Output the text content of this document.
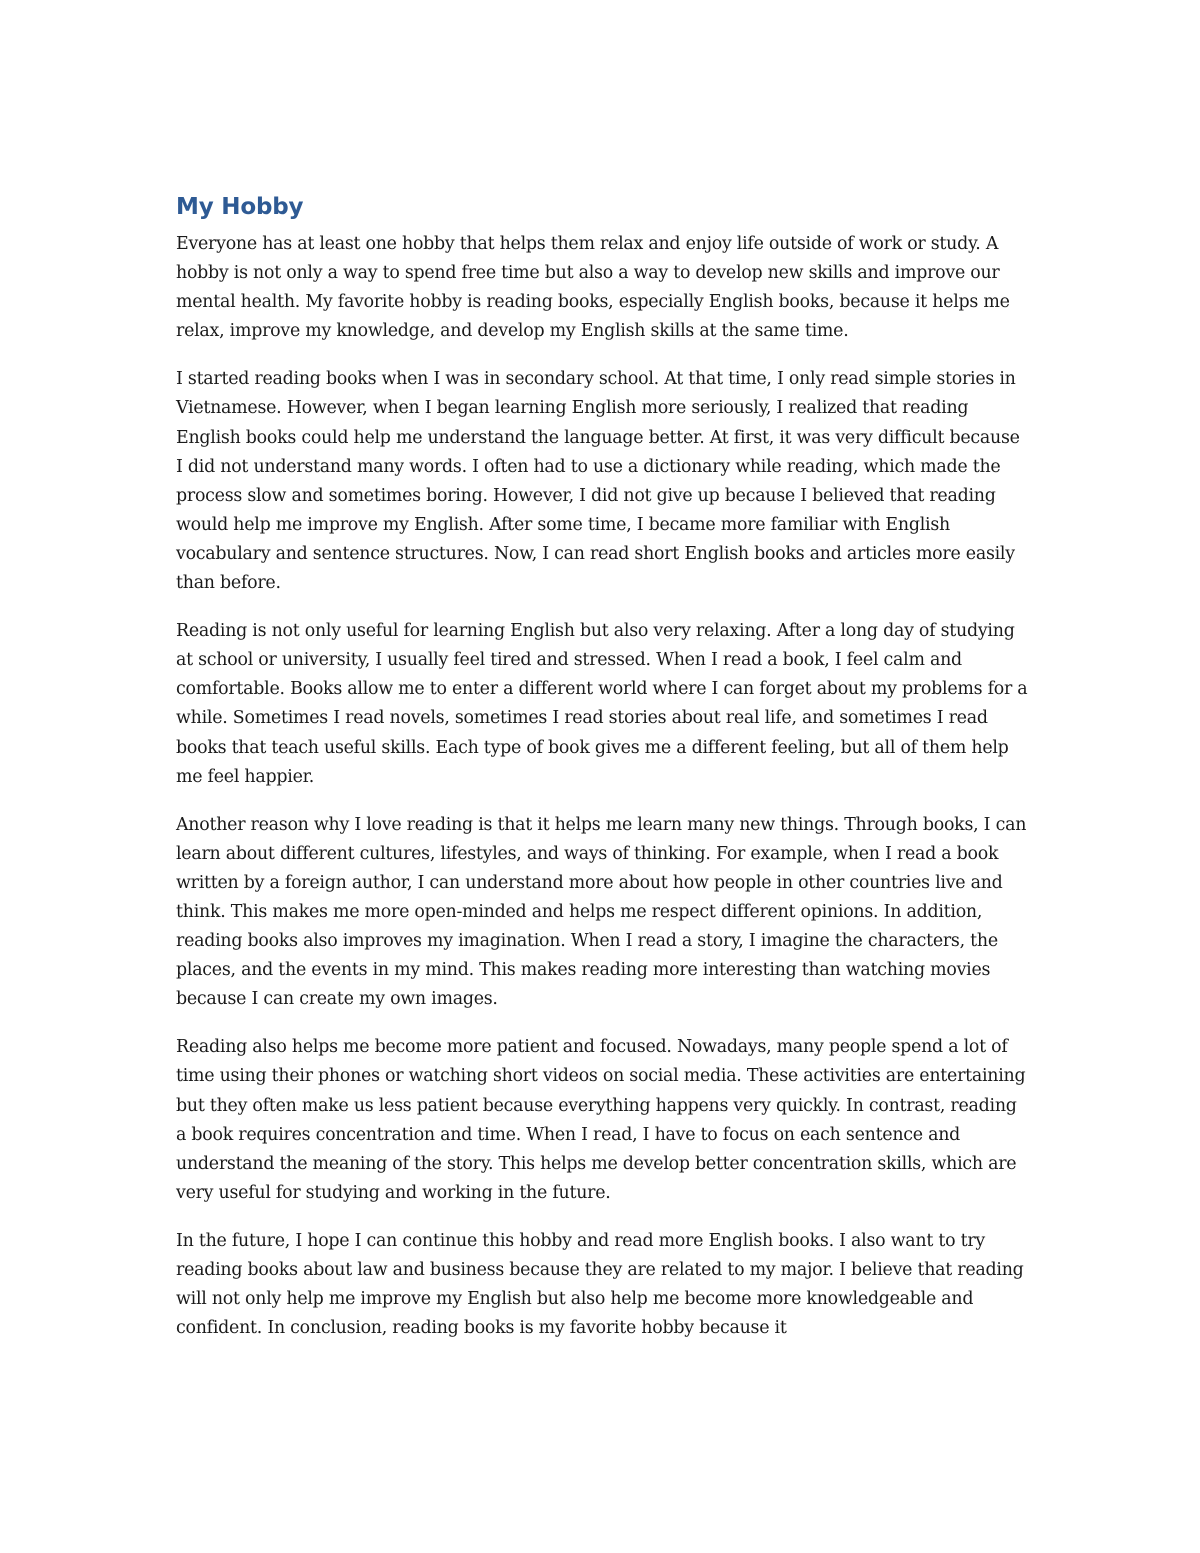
My Hobby

Everyone has at least one hobby that helps them relax and enjoy life outside of work or study. A hobby is not only a way to spend free time but also a way to develop new skills and improve our mental health. My favorite hobby is reading books, especially English books, because it helps me relax, improve my knowledge, and develop my English skills at the same time.

I started reading books when I was in secondary school. At that time, I only read simple stories in Vietnamese. However, when I began learning English more seriously, I realized that reading English books could help me understand the language better. At first, it was very difficult because I did not understand many words. I often had to use a dictionary while reading, which made the process slow and sometimes boring. However, I did not give up because I believed that reading would help me improve my English. After some time, I became more familiar with English vocabulary and sentence structures. Now, I can read short English books and articles more easily than before.

Reading is not only useful for learning English but also very relaxing. After a long day of studying at school or university, I usually feel tired and stressed. When I read a book, I feel calm and comfortable. Books allow me to enter a different world where I can forget about my problems for a while. Sometimes I read novels, sometimes I read stories about real life, and sometimes I read books that teach useful skills. Each type of book gives me a different feeling, but all of them help me feel happier.

Another reason why I love reading is that it helps me learn many new things. Through books, I can learn about different cultures, lifestyles, and ways of thinking. For example, when I read a book written by a foreign author, I can understand more about how people in other countries live and think. This makes me more open-minded and helps me respect different opinions. In addition, reading books also improves my imagination. When I read a story, I imagine the characters, the places, and the events in my mind. This makes reading more interesting than watching movies because I can create my own images.

Reading also helps me become more patient and focused. Nowadays, many people spend a lot of time using their phones or watching short videos on social media. These activities are entertaining but they often make us less patient because everything happens very quickly. In contrast, reading a book requires concentration and time. When I read, I have to focus on each sentence and understand the meaning of the story. This helps me develop better concentration skills, which are very useful for studying and working in the future.

In the future, I hope I can continue this hobby and read more English books. I also want to try reading books about law and business because they are related to my major. I believe that reading will not only help me improve my English but also help me become more knowledgeable and confident. In conclusion, reading books is my favorite hobby because it
